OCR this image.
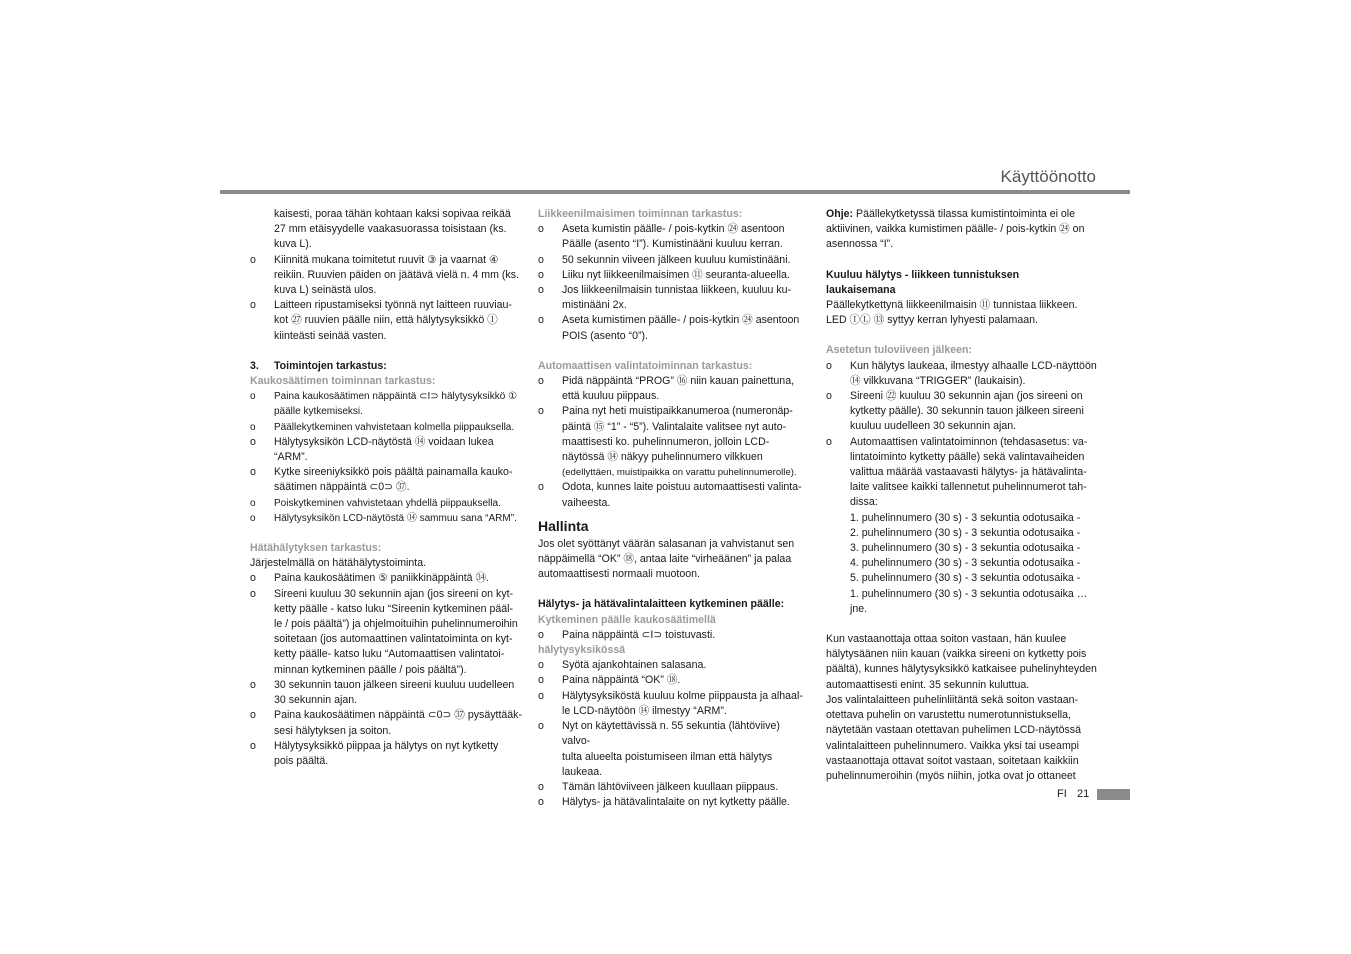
Käyttöönotto
kaisesti, poraa tähän kohtaan kaksi sopivaa reikää
27 mm etäisyydelle vaakasuorassa toisistaan (ks.
kuva L).
o Kiinnitä mukana toimitetut ruuvit ③ ja vaarnat ④
reikiin. Ruuvien päiden on jäätävä vielä n. 4 mm (ks.
kuva L) seinästä ulos.
o Laitteen ripustamiseksi työnnä nyt laitteen ruuviau-
kot ㉗ ruuvien päälle niin, että hälytysyksikkö ①
kiinteästi seinää vasten.
3. Toimintojen tarkastus:
Kaukosäätimen toiminnan tarkastus:
o Paina kaukosäätimen näppäintä ⊂I⊃ hälytysyksikkö ①
päälle kytkemiseksi.
o Päällekytkeminen vahvistetaan kolmella piippauksella.
o Hälytysyksikön LCD-näytöstä ⑭ voidaan lukea
“ARM”.
o Kytke sireeniyksikkö pois päältä painamalla kauko-
säätimen näppäintä ⊂0⊃ ㊲.
o Poiskytkeminen vahvistetaan yhdellä piippauksella.
o Hälytysyksikön LCD-näytöstä ⑭ sammuu sana “ARM”.
Hätähälytyksen tarkastus:
Järjestelmällä on hätähälytystoiminta.
o Paina kaukosäätimen ⑤ paniikkinäppäintä ㉞.
o Sireeni kuuluu 30 sekunnin ajan (jos sireeni on kyt-
ketty päälle - katso luku “Sireenin kytkeminen pääl-
le / pois päältä”) ja ohjelmoituihin puhelinnumeroihin
soitetaan (jos automaattinen valintatoiminta on kyt-
ketty päälle- katso luku “Automaattisen valintatoi-
minnan kytkeminen päälle / pois päältä”).
o 30 sekunnin tauon jälkeen sireeni kuuluu uudelleen
30 sekunnin ajan.
o Paina kaukosäätimen näppäintä ⊂0⊃ ㊲ pysäyttääk-
sesi hälytyksen ja soiton.
o Hälytysyksikkö piippaa ja hälytys on nyt kytketty
pois päältä.
Liikkeenilmaisimen toiminnan tarkastus:
o Aseta kumistin päälle- / pois-kytkin ㉔ asentoon
Päälle (asento “I”). Kumistinääni kuuluu kerran.
o 50 sekunnin viiveen jälkeen kuuluu kumistinääni.
o Liiku nyt liikkeenilmaisimen ⑪ seuranta-alueella.
o Jos liikkeenilmaisin tunnistaa liikkeen, kuuluu ku-
mistinääni 2x.
o Aseta kumistimen päälle- / pois-kytkin ㉔ asentoon
POIS (asento “0”).
Automaattisen valintatoiminnan tarkastus:
o Pidä näppäintä “PROG” ⑯ niin kauan painettuna,
että kuuluu piippaus.
o Paina nyt heti muistipaikkanumeroa (numeronäp-
päintä ⑮ “1” - “5”). Valintalaite valitsee nyt auto-
maattisesti ko. puhelinnumeron, jolloin LCD-
näytössä ⑭ näkyy puhelinnumero vilkkuen
(edellyttäen, muistipaikka on varattu puhelinnumerolle).
o Odota, kunnes laite poistuu automaattisesti valinta-
vaiheesta.
Hallinta
Jos olet syöttänyt väärän salasanan ja vahvistanut sen
näppäimellä “OK” ⑱, antaa laite “virheäänen” ja palaa
automaattisesti normaali muotoon.
Hälytys- ja hätävalintalaitteen kytkeminen päälle:
Kytkeminen päälle kaukosäätimellä
o Paina näppäintä ⊂I⊃ toistuvasti.
hälytysyksikössä
o Syötä ajankohtainen salasana.
o Paina näppäintä “OK” ⑱.
o Hälytysyksiköstä kuuluu kolme piippausta ja alhaal-
le LCD-näytöön ⑭ ilmestyy “ARM”.
o Nyt on käytettävissä n. 55 sekuntia (lähtöviive) valvo-
tulta alueelta poistumiseen ilman että hälytys laukeaa.
o Tämän lähtöviiveen jälkeen kuullaan piippaus.
o Hälytys- ja hätävalintalaite on nyt kytketty päälle.
Ohje: Päällekytketyssä tilassa kumistintoiminta ei ole
aktiivinen, vaikka kumistimen päälle- / pois-kytkin ㉔ on
asennossa “I”.
Kuuluu hälytys - liikkeen tunnistuksen
laukaisemana
Päällekytkettynä liikkeenilmaisin ⑪ tunnistaa liikkeen.
LED ⒾⓁ ⑬ syttyy kerran lyhyesti palamaan.
Asetetun tuloviiveen jälkeen:
o Kun hälytys laukeaa, ilmestyy alhaalle LCD-näyttöön
⑭ vilkkuvana “TRIGGER” (laukaisin).
o Sireeni ㉒ kuuluu 30 sekunnin ajan (jos sireeni on
kytketty päälle). 30 sekunnin tauon jälkeen sireeni
kuuluu uudelleen 30 sekunnin ajan.
o Automaattisen valintatoiminnon (tehdasasetus: va-
lintatoiminto kytketty päälle) sekä valintavaiheiden
valittua määrää vastaavasti hälytys- ja hätävalinta-
laite valitsee kaikki tallennetut puhelinnumerot tah-
dissa:
1. puhelinnumero (30 s) - 3 sekuntia odotusaika -
2. puhelinnumero (30 s) - 3 sekuntia odotusaika -
3. puhelinnumero (30 s) - 3 sekuntia odotusaika -
4. puhelinnumero (30 s) - 3 sekuntia odotusaika -
5. puhelinnumero (30 s) - 3 sekuntia odotusaika -
1. puhelinnumero (30 s) - 3 sekuntia odotusaika …
jne.
Kun vastaanottaja ottaa soiton vastaan, hän kuulee
hälytysäänen niin kauan (vaikka sireeni on kytketty pois
päältä), kunnes hälytysyksikkö katkaisee puhelinyhteyden
automaattisesti enint. 35 sekunnin kuluttua.
Jos valintalaitteen puhelinliitäntä sekä soiton vastaan-
otettava puhelin on varustettu numerotunnistuksella,
näytetään vastaan otettavan puhelimen LCD-näytössä
valintalaitteen puhelinnumero. Vaikka yksi tai useampi
vastaanottaja ottavat soitot vastaan, soitetaan kaikkiin
puhelinnumeroihin (myös niihin, jotka ovat jo ottaneet
FI 21
